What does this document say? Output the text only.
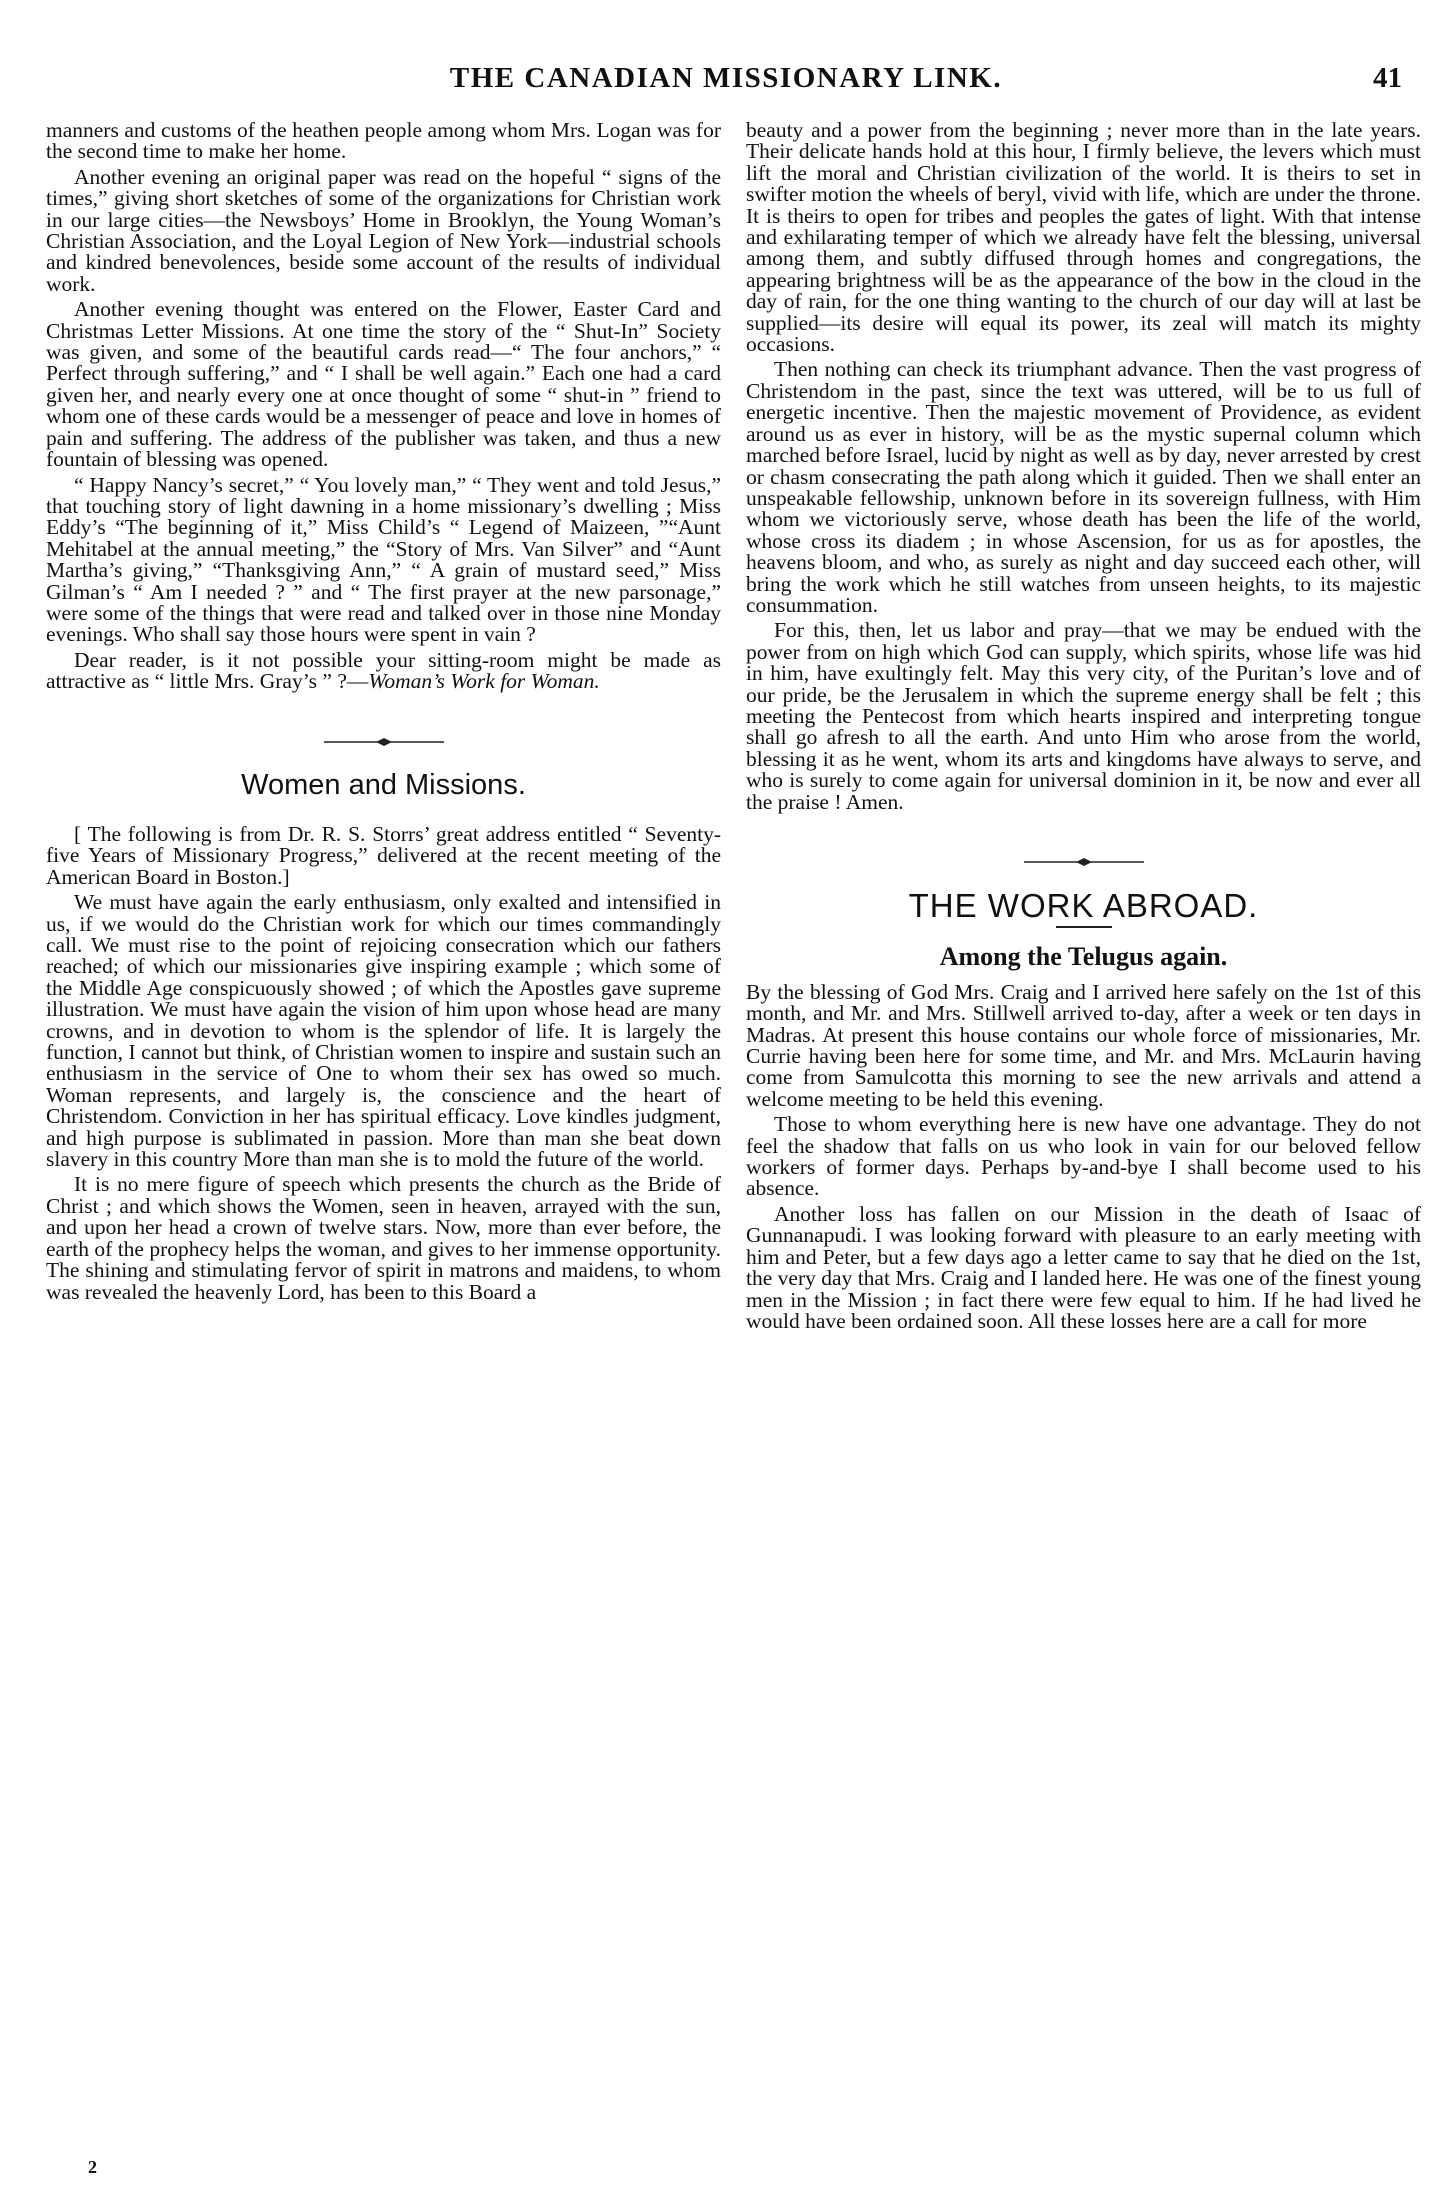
THE CANADIAN MISSIONARY LINK.	41

manners and customs of the heathen people among whom Mrs. Logan was for the second time to make her home.

Another evening an original paper was read on the hopeful “ signs of the times,” giving short sketches of some of the organizations for Christian work in our large cities—the Newsboys’ Home in Brooklyn, the Young Woman’s Christian Association, and the Loyal Legion of New York—industrial schools and kindred benevolences, beside some account of the results of individual work.

Another evening thought was entered on the Flower, Easter Card and Christmas Letter Missions. At one time the story of the “ Shut-In” Society was given, and some of the beautiful cards read—“ The four anchors,” “ Perfect through suffering,” and “ I shall be well again.” Each one had a card given her, and nearly every one at once thought of some “ shut-in ” friend to whom one of these cards would be a messenger of peace and love in homes of pain and suffering. The address of the publisher was taken, and thus a new fountain of blessing was opened.

“ Happy Nancy’s secret,” “ You lovely man,” “ They went and told Jesus,” that touching story of light dawning in a home missionary’s dwelling ; Miss Eddy’s “The beginning of it,” Miss Child’s “ Legend of Maizeen, ”“Aunt Mehitabel at the annual meeting,” the “Story of Mrs. Van Silver” and “Aunt Martha’s giving,” “Thanksgiving Ann,” “ A grain of mustard seed,” Miss Gilman’s “ Am I needed ? ” and “ The first prayer at the new parsonage,” were some of the things that were read and talked over in those nine Monday evenings. Who shall say those hours were spent in vain ?

Dear reader, is it not possible your sitting-room might be made as attractive as “ little Mrs. Gray’s ” ?—Woman’s Work for Woman.

Women and Missions.

[ The following is from Dr. R. S. Storrs’ great address entitled “ Seventy-five Years of Missionary Progress,” delivered at the recent meeting of the American Board in Boston.]

We must have again the early enthusiasm, only exalted and intensified in us, if we would do the Christian work for which our times commandingly call. We must rise to the point of rejoicing consecration which our fathers reached; of which our missionaries give inspiring example ; which some of the Middle Age conspicuously showed ; of which the Apostles gave supreme illustration. We must have again the vision of him upon whose head are many crowns, and in devotion to whom is the splendor of life. It is largely the function, I cannot but think, of Christian women to inspire and sustain such an enthusiasm in the service of One to whom their sex has owed so much. Woman represents, and largely is, the conscience and the heart of Christendom. Conviction in her has spiritual efficacy. Love kindles judgment, and high purpose is sublimated in passion. More than man she beat down slavery in this country More than man she is to mold the future of the world.

It is no mere figure of speech which presents the church as the Bride of Christ ; and which shows the Women, seen in heaven, arrayed with the sun, and upon her head a crown of twelve stars. Now, more than ever before, the earth of the prophecy helps the woman, and gives to her immense opportunity. The shining and stimulating fervor of spirit in matrons and maidens, to whom was revealed the heavenly Lord, has been to this Board a

2

beauty and a power from the beginning ; never more than in the late years. Their delicate hands hold at this hour, I firmly believe, the levers which must lift the moral and Christian civilization of the world. It is theirs to set in swifter motion the wheels of beryl, vivid with life, which are under the throne. It is theirs to open for tribes and peoples the gates of light. With that intense and exhilarating temper of which we already have felt the blessing, universal among them, and subtly diffused through homes and congregations, the appearing brightness will be as the appearance of the bow in the cloud in the day of rain, for the one thing wanting to the church of our day will at last be supplied—its desire will equal its power, its zeal will match its mighty occasions.

Then nothing can check its triumphant advance. Then the vast progress of Christendom in the past, since the text was uttered, will be to us full of energetic incentive. Then the majestic movement of Providence, as evident around us as ever in history, will be as the mystic supernal column which marched before Israel, lucid by night as well as by day, never arrested by crest or chasm consecrating the path along which it guided. Then we shall enter an unspeakable fellowship, unknown before in its sovereign fullness, with Him whom we victoriously serve, whose death has been the life of the world, whose cross its diadem ; in whose Ascension, for us as for apostles, the heavens bloom, and who, as surely as night and day succeed each other, will bring the work which he still watches from unseen heights, to its majestic consummation.

For this, then, let us labor and pray—that we may be endued with the power from on high which God can supply, which spirits, whose life was hid in him, have exultingly felt. May this very city, of the Puritan’s love and of our pride, be the Jerusalem in which the supreme energy shall be felt ; this meeting the Pentecost from which hearts inspired and interpreting tongue shall go afresh to all the earth. And unto Him who arose from the world, blessing it as he went, whom its arts and kingdoms have always to serve, and who is surely to come again for universal dominion in it, be now and ever all the praise ! Amen.

THE WORK ABROAD.
Among the Telugus again.

By the blessing of God Mrs. Craig and I arrived here safely on the 1st of this month, and Mr. and Mrs. Stillwell arrived to-day, after a week or ten days in Madras. At present this house contains our whole force of missionaries, Mr. Currie having been here for some time, and Mr. and Mrs. McLaurin having come from Samulcotta this morning to see the new arrivals and attend a welcome meeting to be held this evening.

Those to whom everything here is new have one advantage. They do not feel the shadow that falls on us who look in vain for our beloved fellow workers of former days. Perhaps by-and-bye I shall become used to his absence.

Another loss has fallen on our Mission in the death of Isaac of Gunnanapudi. I was looking forward with pleasure to an early meeting with him and Peter, but a few days ago a letter came to say that he died on the 1st, the very day that Mrs. Craig and I landed here. He was one of the finest young men in the Mission ; in fact there were few equal to him. If he had lived he would have been ordained soon. All these losses here are a call for more
